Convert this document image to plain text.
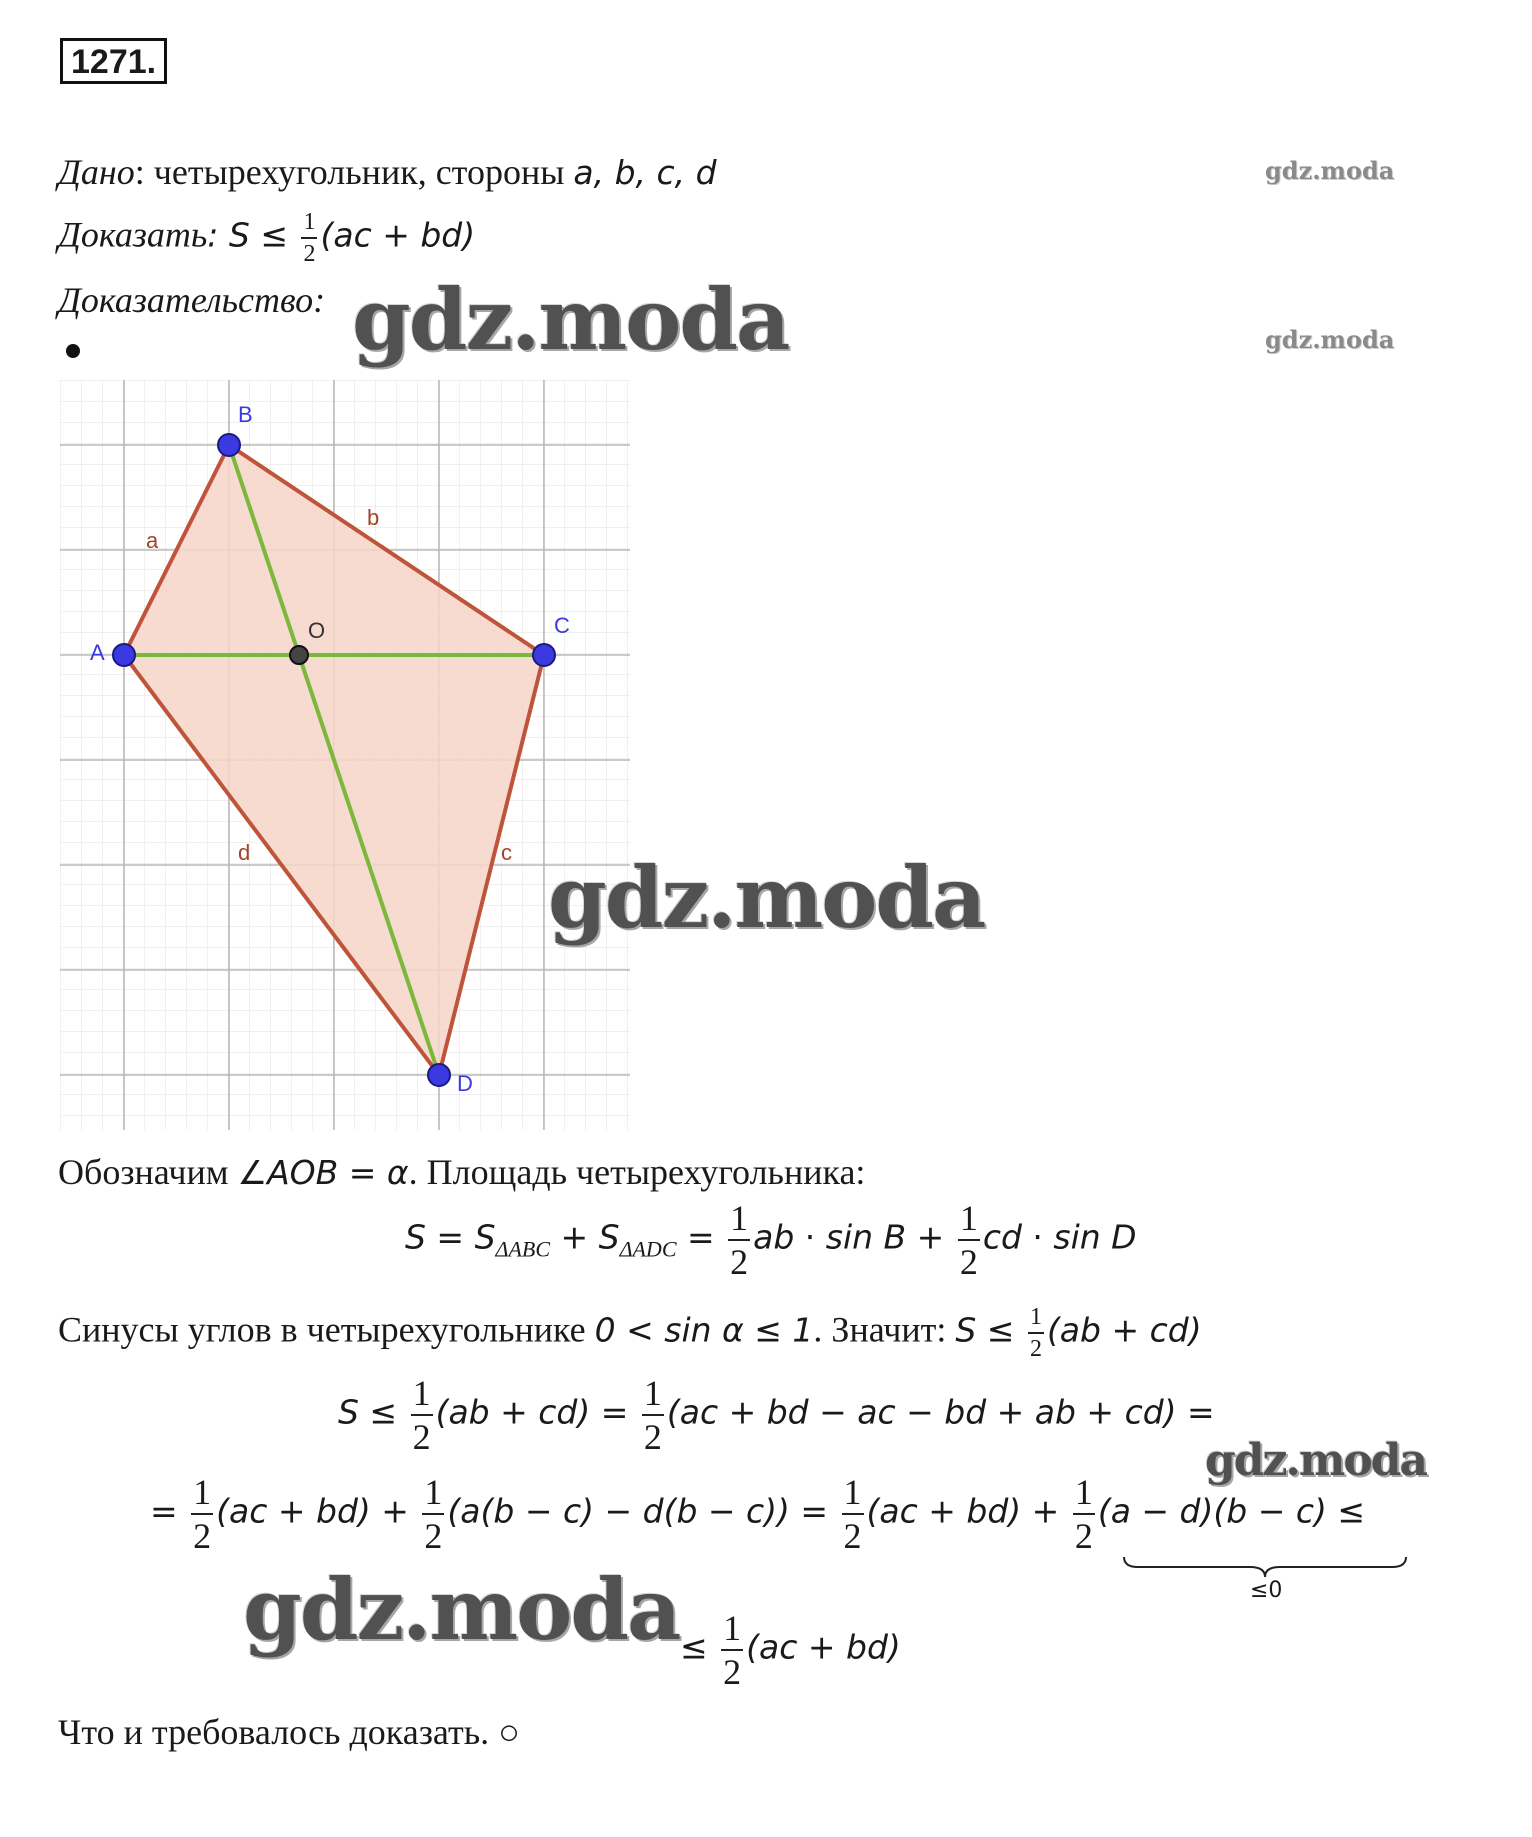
1271.
Дано: четырехугольник, стороны a, b, c, d
Доказать: $S \le \frac{1}{2} (ac + bd)$
Доказательство:
A
B
C
D
O
a
b
c
d
Обозначим ∠AOB = α. Площадь четырехугольника:
$S = S_{\Delta ABC} + S_{\Delta ADC} = \frac{1}{2}$ ab ⋅ $\sin B + \frac{1}{2}$ cd ⋅ sin D
Синусы углов в четырехугольнике 0 < sin α ≤ 1. Значит: $S \le \frac{1}{2} (ab + cd)$
$S \le \frac{1}{2} (ab + cd) = \frac{1}{2} (ac$ + bd − ac − bd + ab + cd) =
= $\frac{1}{2} (ac + bd) + \frac{1}{2} (a(b - c) - d(b - c)) = \frac{1}{2} (ac + bd) + \frac{1}{2} (a - d)(b - c)$ ≤
≤0
≤ $\frac{1}{2} (ac + bd)$
Что и требовалось доказать. ○
gdz.moda
gdz.moda
gdz.moda
gdz.moda
gdz.moda
gdz.moda
